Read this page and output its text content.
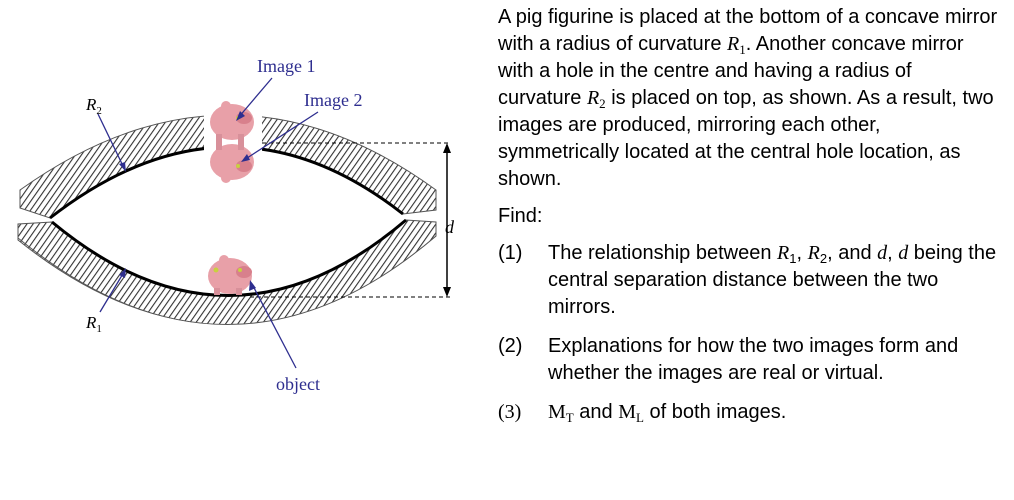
Image 1
Image 2
$R_2$
$R_1$
d
object

A pig figurine is placed at the bottom of a concave mirror with a radius of curvature $R_1$. Another concave mirror with a hole in the centre and having a radius of curvature $R_2$ is placed on top, as shown. As a result, two images are produced, mirroring each other, symmetrically located at the central hole location, as shown.

Find:

(1) The relationship between $R_1$, $R_2$, and d, d being the central separation distance between the two mirrors.
(2) Explanations for how the two images form and whether the images are real or virtual.
(3) $M_T$ and $M_L$ of both images.
